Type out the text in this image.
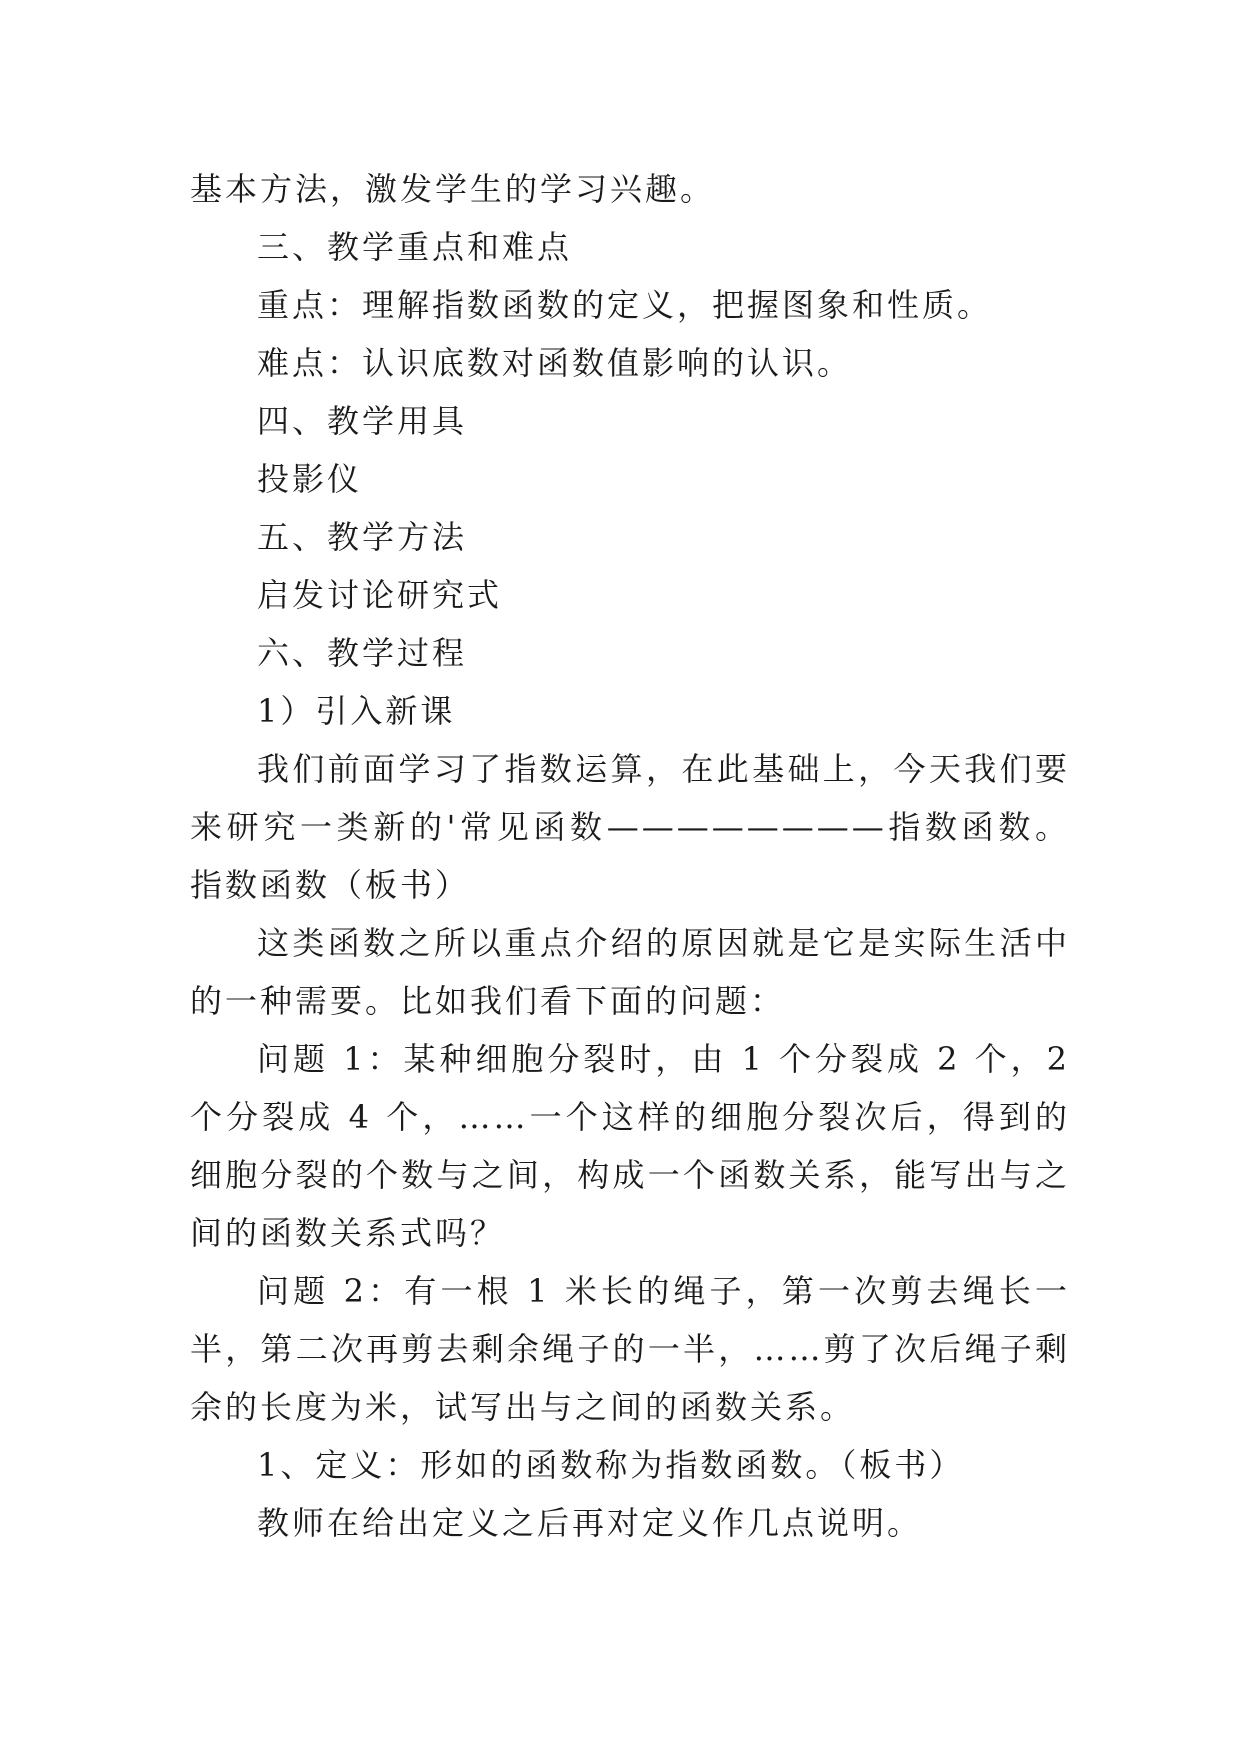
基本方法，激发学生的学习兴趣。

三、教学重点和难点

重点：理解指数函数的定义，把握图象和性质。

难点：认识底数对函数值影响的认识。

四、教学用具

投影仪

五、教学方法

启发讨论研究式

六、教学过程

1）引入新课

我们前面学习了指数运算，在此基础上，今天我们要来研究一类新的'常见函数————————指数函数。指数函数（板书）

这类函数之所以重点介绍的原因就是它是实际生活中的一种需要。比如我们看下面的问题：

问题 1：某种细胞分裂时，由 1 个分裂成 2 个，2 个分裂成 4 个，……一个这样的细胞分裂次后，得到的细胞分裂的个数与之间，构成一个函数关系，能写出与之间的函数关系式吗？

问题 2：有一根 1 米长的绳子，第一次剪去绳长一半，第二次再剪去剩余绳子的一半，……剪了次后绳子剩余的长度为米，试写出与之间的函数关系。

1、定义：形如的函数称为指数函数。（板书）

教师在给出定义之后再对定义作几点说明。
